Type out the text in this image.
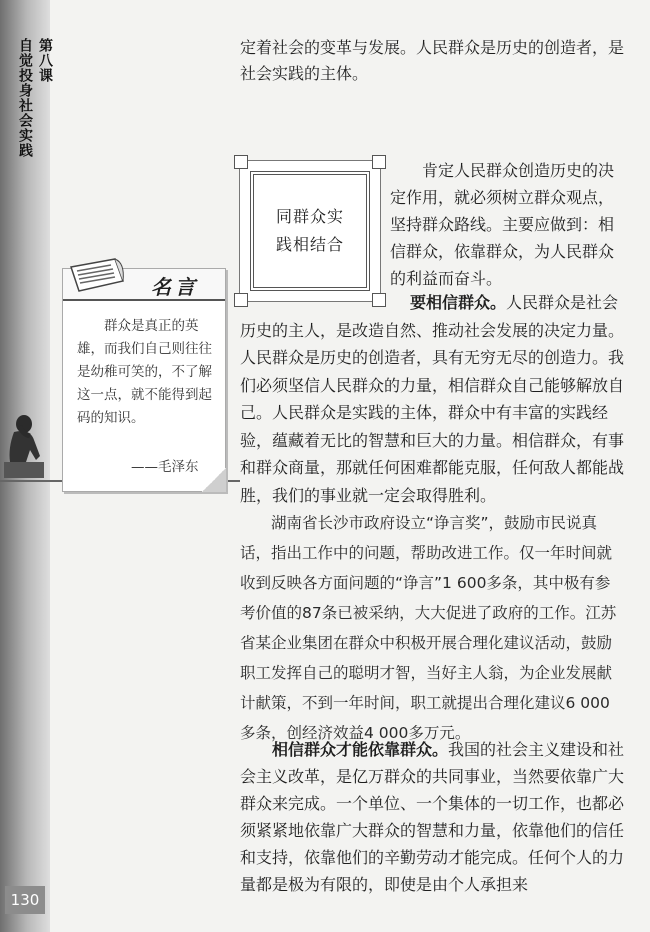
第八课
自觉投身社会实践	定着社会的变革与发展。人民群众是历史的创造者，是社会实践的主体。

同群众实践相结合

肯定人民群众创造历史的决定作用，就必须树立群众观点，坚持群众路线。主要应做到：相信群众，依靠群众，为人民群众的利益而奋斗。

要相信群众。人民群众是社会历史的主人，是改造自然、推动社会发展的决定力量。人民群众是历史的创造者，具有无穷无尽的创造力。我们必须坚信人民群众的力量，相信群众自己能够解放自己。人民群众是实践的主体，群众中有丰富的实践经验，蕴藏着无比的智慧和巨大的力量。相信群众，有事和群众商量，那就任何困难都能克服，任何敌人都能战胜，我们的事业就一定会取得胜利。

名言

群众是真正的英雄，而我们自己则往往是幼稚可笑的，不了解这一点，就不能得到起码的知识。

——毛泽东

湖南省长沙市政府设立“诤言奖”，鼓励市民说真话，指出工作中的问题，帮助改进工作。仅一年时间就收到反映各方面问题的“诤言”1 600多条，其中极有参考价值的87条已被采纳，大大促进了政府的工作。江苏省某企业集团在群众中积极开展合理化建议活动，鼓励职工发挥自己的聪明才智，当好主人翁，为企业发展献计献策，不到一年时间，职工就提出合理化建议6 000多条，创经济效益4 000多万元。

相信群众才能依靠群众。我国的社会主义建设和社会主义改革，是亿万群众的共同事业，当然要依靠广大群众来完成。一个单位、一个集体的一切工作，也都必须紧紧地依靠广大群众的智慧和力量，依靠他们的信任和支持，依靠他们的辛勤劳动才能完成。任何个人的力量都是极为有限的，即使是由个人承担来

130
